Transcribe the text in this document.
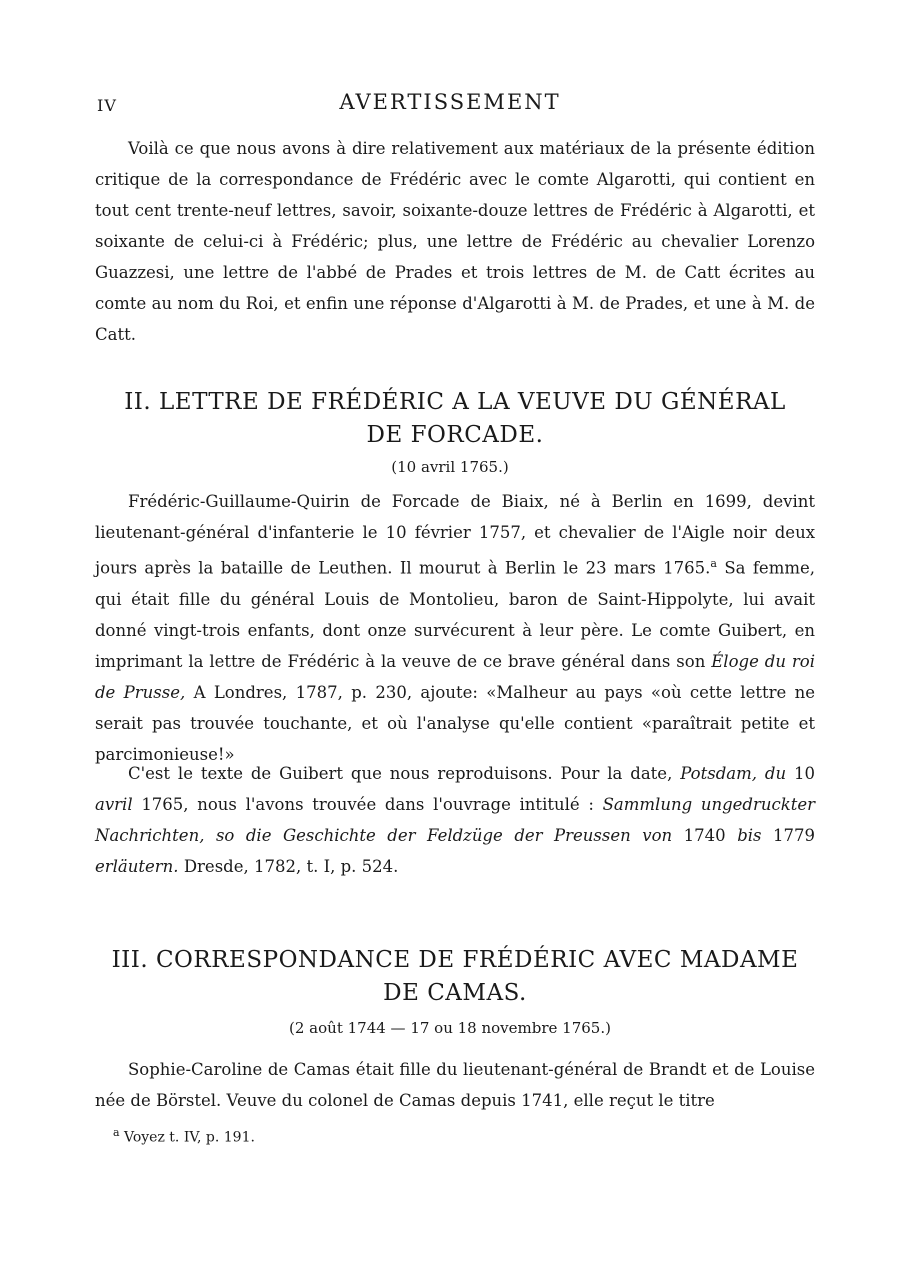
IV	AVERTISSEMENT

Voilà ce que nous avons à dire relativement aux matériaux de la présente édition critique de la correspondance de Frédéric avec le comte Algarotti, qui contient en tout cent trente-neuf lettres, savoir, soixante-douze lettres de Frédéric à Algarotti, et soixante de celui-ci à Frédéric; plus, une lettre de Frédéric au chevalier Lorenzo Guazzesi, une lettre de l'abbé de Prades et trois lettres de M. de Catt écrites au comte au nom du Roi, et enfin une réponse d'Algarotti à M. de Prades, et une à M. de Catt.

II. LETTRE DE FRÉDÉRIC A LA VEUVE DU GÉNÉRAL
DE FORCADE.
(10 avril 1765.)

Frédéric-Guillaume-Quirin de Forcade de Biaix, né à Berlin en 1699, devint lieutenant-général d'infanterie le 10 février 1757, et chevalier de l'Aigle noir deux jours après la bataille de Leuthen. Il mourut à Berlin le 23 mars 1765.$^a$ Sa femme, qui était fille du général Louis de Montolieu, baron de Saint-Hippolyte, lui avait donné vingt-trois enfants, dont onze survécurent à leur père. Le comte Guibert, en imprimant la lettre de Frédéric à la veuve de ce brave général dans son Éloge du roi de Prusse, A Londres, 1787, p. 230, ajoute: «Malheur au pays «où cette lettre ne serait pas trouvée touchante, et où l'analyse qu'elle contient «paraîtrait petite et parcimonieuse!»

C'est le texte de Guibert que nous reproduisons. Pour la date, Potsdam, du 10 avril 1765, nous l'avons trouvée dans l'ouvrage intitulé : Sammlung ungedruckter Nachrichten, so die Geschichte der Feldzüge der Preussen von 1740 bis 1779 erläutern. Dresde, 1782, t. I, p. 524.

III. CORRESPONDANCE DE FRÉDÉRIC AVEC MADAME
DE CAMAS.
(2 août 1744 — 17 ou 18 novembre 1765.)

Sophie-Caroline de Camas était fille du lieutenant-général de Brandt et de Louise née de Börstel. Veuve du colonel de Camas depuis 1741, elle reçut le titre

$^a$ Voyez t. IV, p. 191.
